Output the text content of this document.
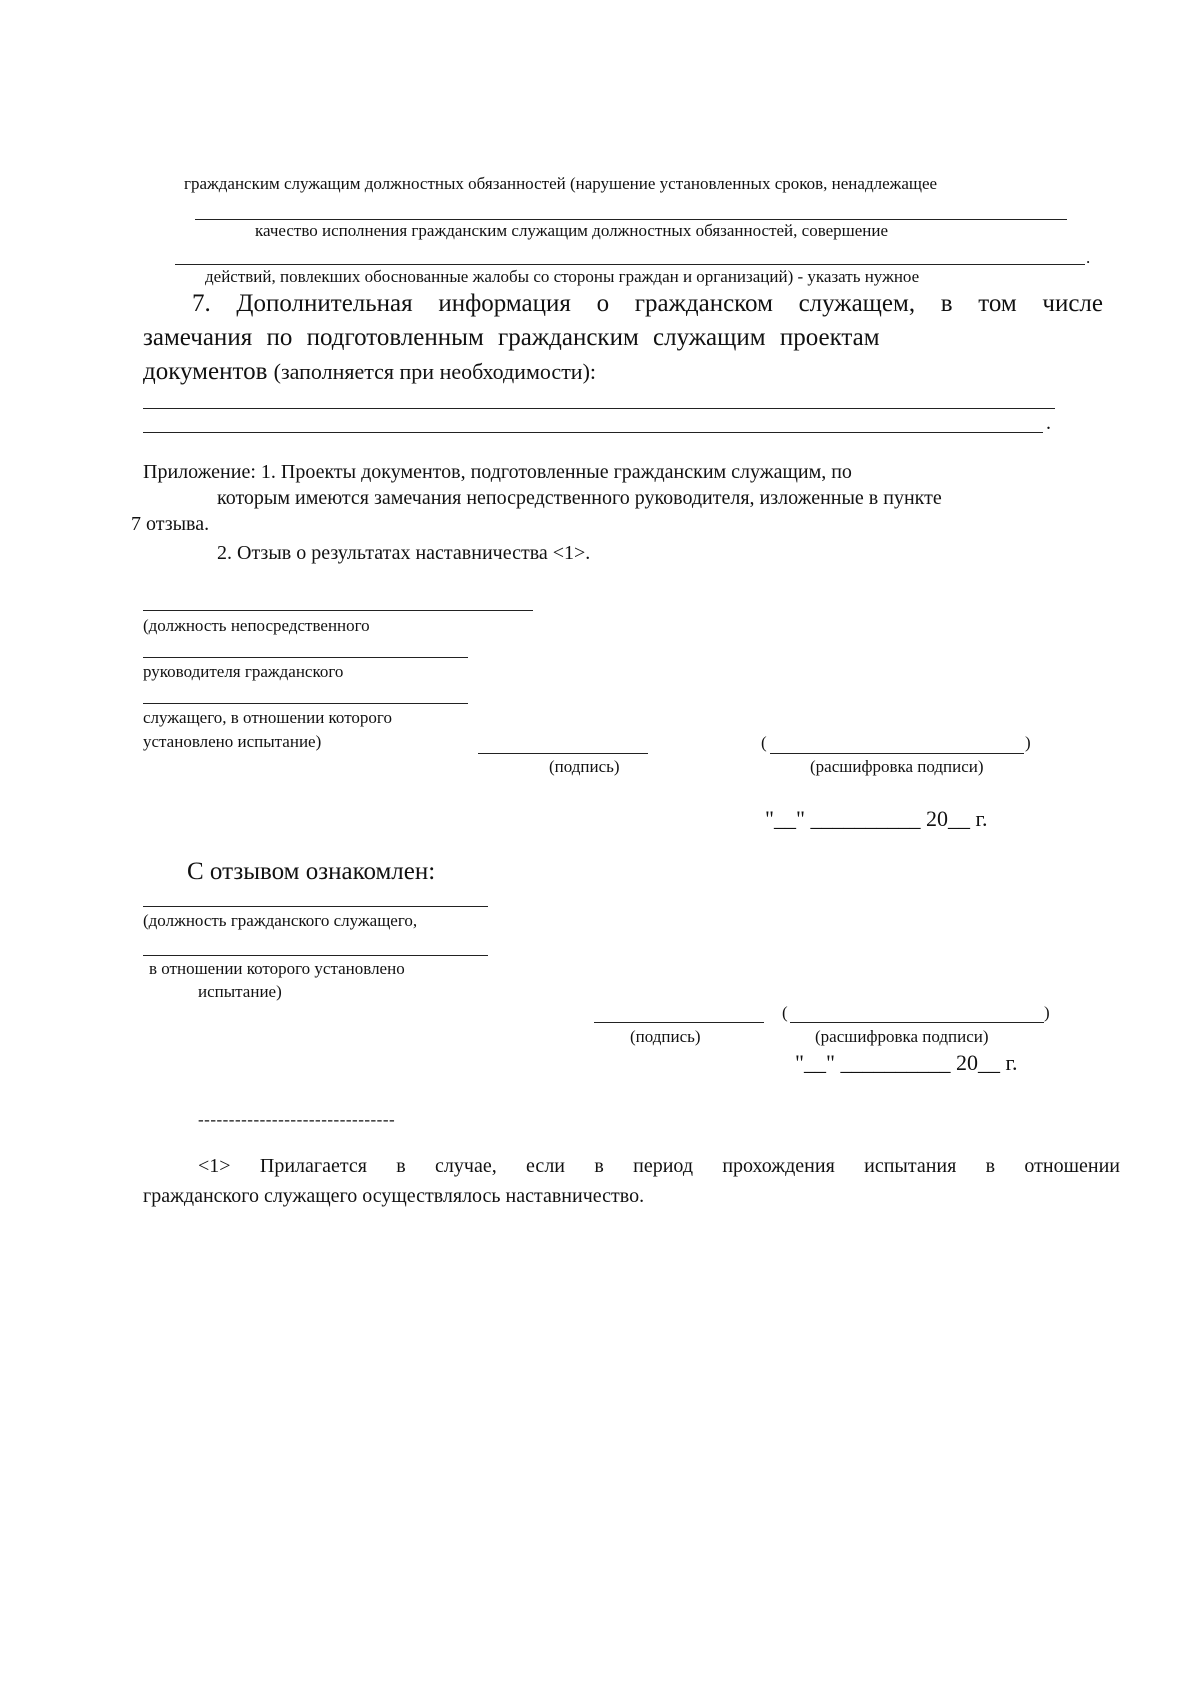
гражданским служащим должностных обязанностей (нарушение установленных сроков, ненадлежащее
качество исполнения гражданским служащим должностных обязанностей, совершение
.
действий, повлекших обоснованные жалобы со стороны граждан и организаций) - указать нужное
7. Дополнительная информация о гражданском служащем, в том числе
замечания по подготовленным гражданским служащим проектам
документов (заполняется при необходимости):
.
Приложение: 1. Проекты документов, подготовленные гражданским служащим, по
которым имеются замечания непосредственного руководителя, изложенные в пункте
7 отзыва.
2. Отзыв о результатах наставничества <1>.
(должность непосредственного
руководителя гражданского
служащего, в отношении которого
установлено испытание)
(подпись)
(	)
(расшифровка подписи)
"__" __________ 20__ г.
С отзывом ознакомлен:
(должность гражданского служащего,
в отношении которого установлено
испытание)
(подпись)
(	)
(расшифровка подписи)
"__" __________ 20__ г.
--------------------------------
<1> Прилагается в случае, если в период прохождения испытания в отношении
гражданского служащего осуществлялось наставничество.
